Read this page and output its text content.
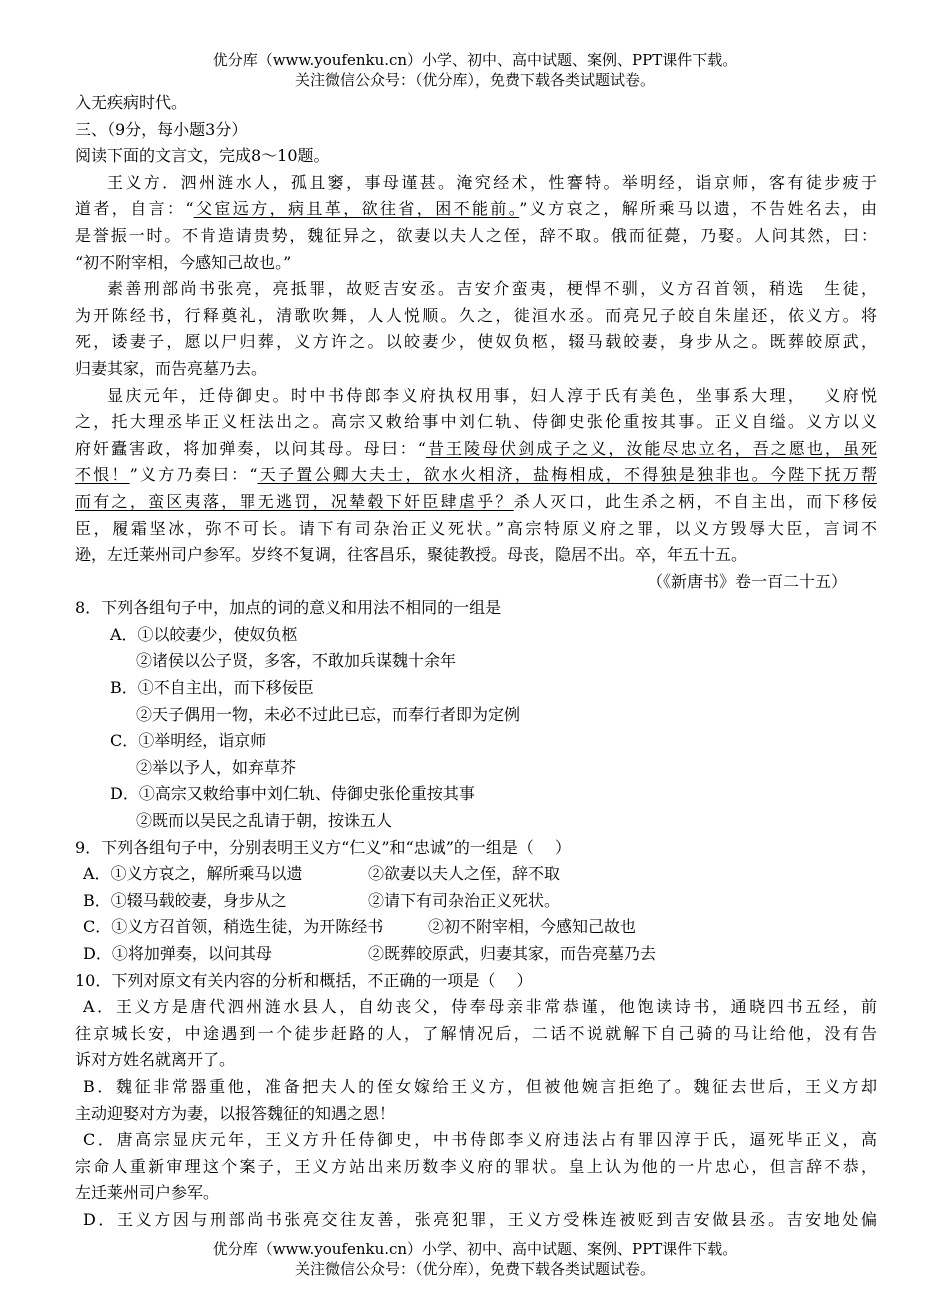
优分库（www.youfenku.cn）小学、初中、高中试题、案例、PPT课件下载。
关注微信公众号：（优分库），免费下载各类试题试卷。
入无疾病时代。
三、（9分，每小题3分）
阅读下面的文言文，完成8～10题。
王义方．泗州涟水人，孤且窭，事母谨甚。淹究经术，性謇特。举明经，诣京师，客有徒步疲于
道者，自言：“父宦远方，病且革，欲往省，困不能前。”义方哀之，解所乘马以遗，不告姓名去，由
是誉振一时。不肯造请贵势，魏征异之，欲妻以夫人之侄，辞不取。俄而征薨，乃娶。人问其然，曰：
“初不附宰相，今感知己故也。”
素善刑部尚书张亮，亮抵罪，故贬吉安丞。吉安介蛮夷，梗悍不驯，义方召首领，稍选　生徒，
为开陈经书，行释奠礼，清歌吹舞，人人悦顺。久之，徙洹水丞。而亮兄子皎自朱崖还，依义方。将
死，诿妻子，愿以尸归葬，义方许之。以皎妻少，使奴负柩，辍马载皎妻，身步从之。既葬皎原武，
归妻其家，而告亮墓乃去。
显庆元年，迁侍御史。时中书侍郎李义府执权用事，妇人淳于氏有美色，坐事系大理，　 义府悦
之，托大理丞毕正义枉法出之。高宗又敕给事中刘仁轨、侍御史张伦重按其事。正义自缢。义方以义
府奸蠹害政，将加弹奏，以问其母。母曰：“昔王陵母伏剑成子之义，汝能尽忠立名，吾之愿也，虽死
不恨！”义方乃奏曰：“天子置公卿大夫士，欲水火相济，盐梅相成，不得独是独非也。今陛下抚万帮
而有之，蛮区夷落，罪无逃罚，况辇毂下奸臣肆虐乎？杀人灭口，此生杀之柄，不自主出，而下移佞
臣，履霜坚冰，弥不可长。请下有司杂治正义死状。”高宗特原义府之罪，以义方毁辱大臣，言词不
逊，左迁莱州司户参军。岁终不复调，往客昌乐，聚徒教授。母丧，隐居不出。卒，年五十五。
（《新唐书》卷一百二十五）
8．下列各组句子中，加点的词的意义和用法不相同的一组是
A．①以皎妻少，使奴负柩
②诸侯以公子贤，多客，不敢加兵谋魏十余年
B．①不自主出，而下移佞臣
②天子偶用一物，未必不过此已忘，而奉行者即为定例
C．①举明经，诣京师
②举以予人，如弃草芥
D．①高宗又敕给事中刘仁轨、侍御史张伦重按其事
②既而以吴民之乱请于朝，按诛五人
9．下列各组句子中，分别表明王义方“仁义”和“忠诚”的一组是（　 ）
A．①义方哀之，解所乘马以遗	②欲妻以夫人之侄，辞不取
B．①辍马载皎妻，身步从之	②请下有司杂治正义死状。
C．①义方召首领，稍选生徒，为开陈经书	②初不附宰相，今感知己故也
D．①将加弹奏，以问其母	②既葬皎原武，归妻其家，而告亮墓乃去
10．下列对原文有关内容的分析和概括，不正确的一项是（　 ）
A．王义方是唐代泗州涟水县人，自幼丧父，侍奉母亲非常恭谨，他饱读诗书，通晓四书五经，前
往京城长安，中途遇到一个徒步赶路的人，了解情况后，二话不说就解下自己骑的马让给他，没有告
诉对方姓名就离开了。
B．魏征非常器重他，准备把夫人的侄女嫁给王义方，但被他婉言拒绝了。魏征去世后，王义方却
主动迎娶对方为妻，以报答魏征的知遇之恩！
C．唐高宗显庆元年，王义方升任侍御史，中书侍郎李义府违法占有罪囚淳于氏，逼死毕正义，高
宗命人重新审理这个案子，王义方站出来历数李义府的罪状。皇上认为他的一片忠心，但言辞不恭，
左迁莱州司户参军。
D．王义方因与刑部尚书张亮交往友善，张亮犯罪，王义方受株连被贬到吉安做县丞。吉安地处偏
优分库（www.youfenku.cn）小学、初中、高中试题、案例、PPT课件下载。
关注微信公众号：（优分库），免费下载各类试题试卷。
